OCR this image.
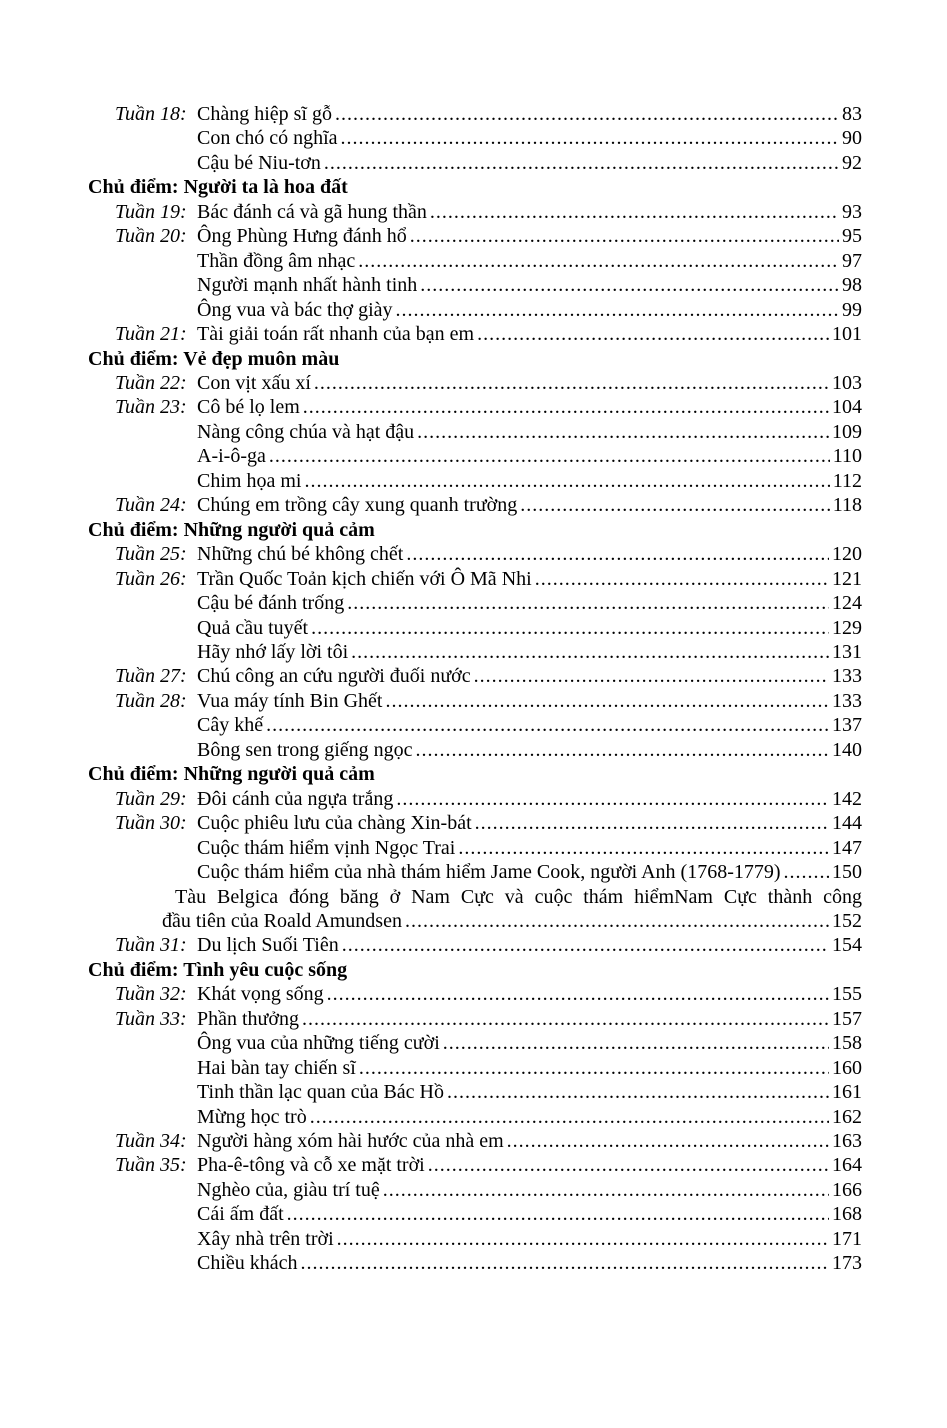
Tuần 18: Chàng hiệp sĩ gỗ .....	83
Con chó có nghĩa .....	90
Cậu bé Niu-tơn .....	92
Chủ điểm: Người ta là hoa đất
Tuần 19: Bác đánh cá và gã hung thần .....	93
Tuần 20: Ông Phùng Hưng đánh hổ .....	95
Thần đồng âm nhạc .....	97
Người mạnh nhất hành tinh .....	98
Ông vua và bác thợ giày .....	99
Tuần 21: Tài giải toán rất nhanh của bạn em .....	101
Chủ điểm: Vẻ đẹp muôn màu
Tuần 22: Con vịt xấu xí .....	103
Tuần 23: Cô bé lọ lem .....	104
Nàng công chúa và hạt đậu .....	109
A-i-ô-ga .....	110
Chim họa mi .....	112
Tuần 24: Chúng em trồng cây xung quanh trường .....	118
Chủ điểm: Những người quả cảm
Tuần 25: Những chú bé không chết .....	120
Tuần 26: Trần Quốc Toản kịch chiến với Ô Mã Nhi .....	121
Cậu bé đánh trống .....	124
Quả cầu tuyết .....	129
Hãy nhớ lấy lời tôi .....	131
Tuần 27: Chú công an cứu người đuối nước .....	133
Tuần 28: Vua máy tính Bin Ghết .....	133
Cây khế .....	137
Bông sen trong giếng ngọc .....	140
Chủ điểm: Những người quả cảm
Tuần 29: Đôi cánh của ngựa trắng .....	142
Tuần 30: Cuộc phiêu lưu của chàng Xin-bát .....	144
Cuộc thám hiểm vịnh Ngọc Trai .....	147
Cuộc thám hiểm của nhà thám hiểm Jame Cook, người Anh (1768-1779) .....	150
Tàu Belgica đóng băng ở Nam Cực và cuộc thám hiểmNam Cực thành công
đầu tiên của Roald Amundsen .....	152
Tuần 31: Du lịch Suối Tiên .....	154
Chủ điểm: Tình yêu cuộc sống
Tuần 32: Khát vọng sống .....	155
Tuần 33: Phần thưởng .....	157
Ông vua của những tiếng cười .....	158
Hai bàn tay chiến sĩ .....	160
Tinh thần lạc quan của Bác Hồ .....	161
Mừng học trò .....	162
Tuần 34: Người hàng xóm hài hước của nhà em .....	163
Tuần 35: Pha-ê-tông và cỗ xe mặt trời .....	164
Nghèo của, giàu trí tuệ .....	166
Cái ấm đất .....	168
Xây nhà trên trời .....	171
Chiều khách .....	173
